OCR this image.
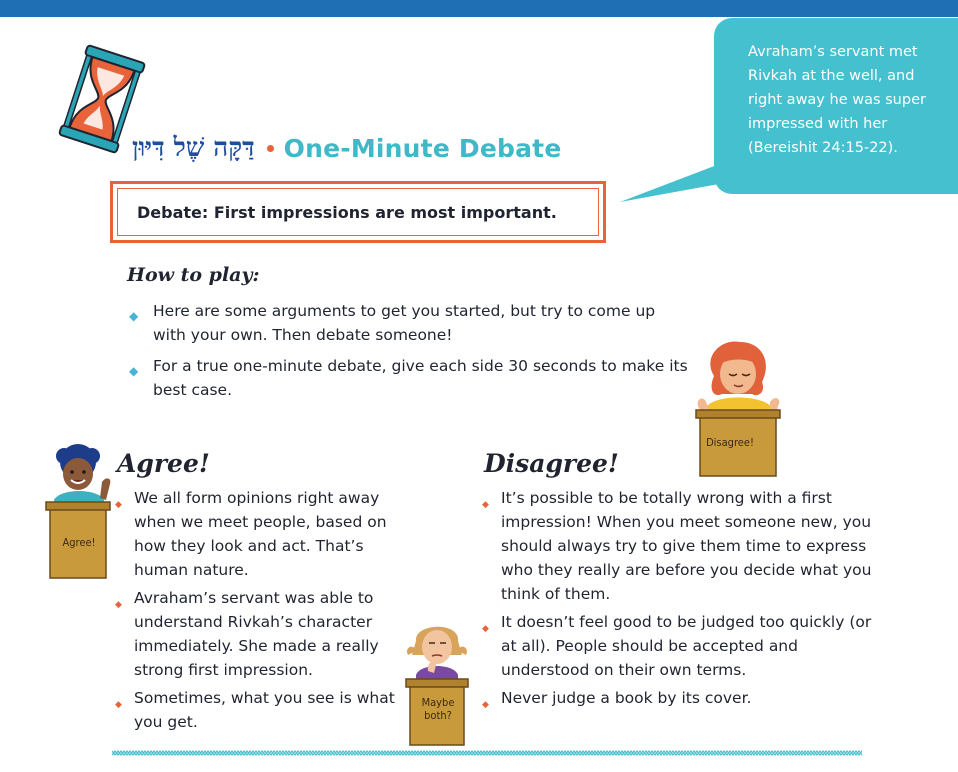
דַּקָּה שֶׁל דִּיּוּן One-Minute Debate
Avraham’s servant met Rivkah at the well, and right away he was super impressed with her (Bereishit 24:15-22).
Debate: First impressions are most important.
How to play:
◆ Here are some arguments to get you started, but try to come up with your own. Then debate someone!
◆ For a true one-minute debate, give each side 30 seconds to make its best case.
Disagree!
Agree!
Maybe both?
Agree!
◆ We all form opinions right away when we meet people, based on how they look and act. That’s human nature.
◆ Avraham’s servant was able to understand Rivkah’s character immediately. She made a really strong first impression.
◆ Sometimes, what you see is what you get.
Disagree!
◆ It’s possible to be totally wrong with a first impression! When you meet someone new, you should always try to give them time to express who they really are before you decide what you think of them.
◆ It doesn’t feel good to be judged too quickly (or at all). People should be accepted and understood on their own terms.
◆ Never judge a book by its cover.
